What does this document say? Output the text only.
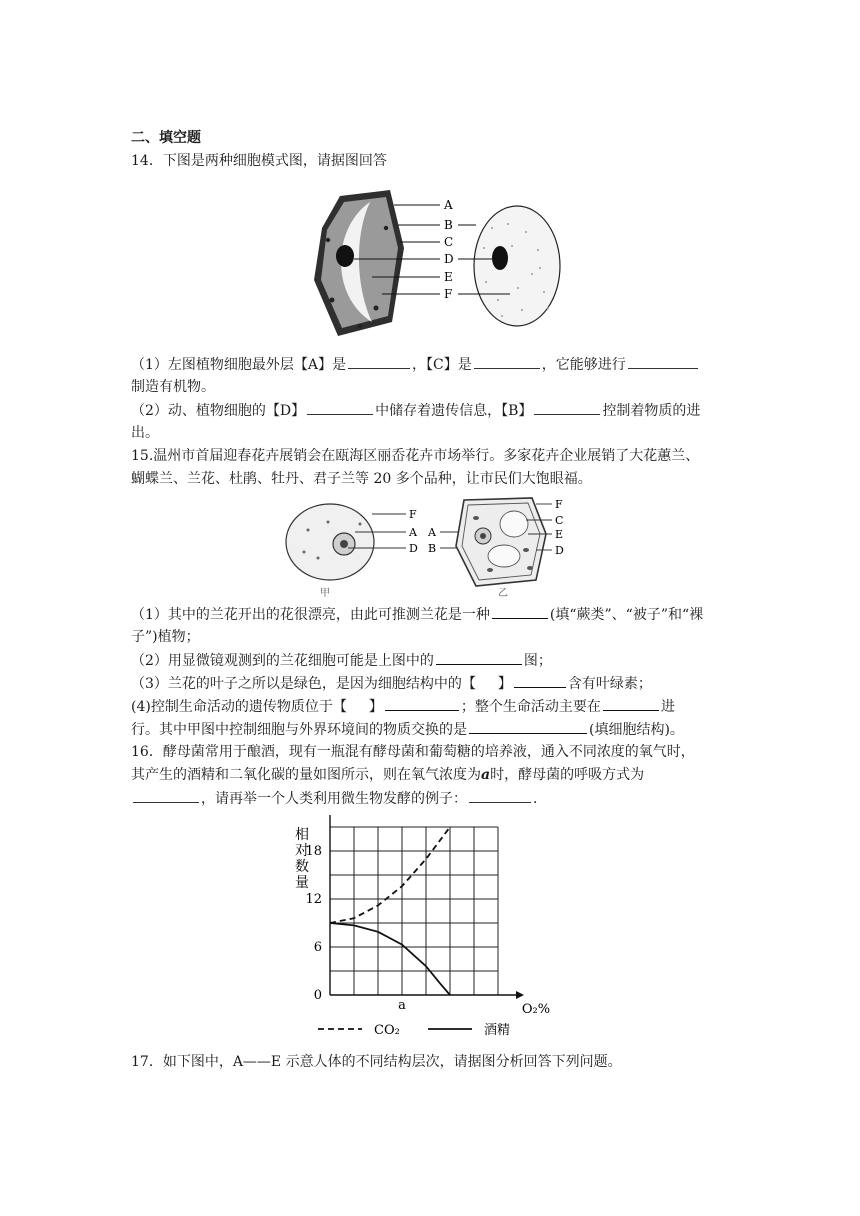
二、填空题
14．下图是两种细胞模式图，请据图回答
A
B
C
D
E
F
（1）左图植物细胞最外层【A】是	，【C】是	，它能够进行
制造有机物。
（2）动、植物细胞的【D】	中储存着遗传信息，【B】	控制着物质的进
出。
15.温州市首届迎春花卉展销会在瓯海区丽岙花卉市场举行。多家花卉企业展销了大花蕙兰、
蝴蝶兰、兰花、杜鹃、牡丹、君子兰等 20 多个品种，让市民们大饱眼福。
F
A
D
甲
A
B
F
C
E
D
乙
（1）其中的兰花开出的花很漂亮，由此可推测兰花是一种	(填“蕨类”、“被子”和“裸
子”)植物；
（2）用显微镜观测到的兰花细胞可能是上图中的	图；
（3）兰花的叶子之所以是绿色，是因为细胞结构中的【 】	含有叶绿素；
(4)控制生命活动的遗传物质位于【 】	；整个生命活动主要在	进
行。其中甲图中控制细胞与外界环境间的物质交换的是	(填细胞结构)。
16．酵母菌常用于酿酒，现有一瓶混有酵母菌和葡萄糖的培养液，通入不同浓度的氧气时，
其产生的酒精和二氧化碳的量如图所示，则在氧气浓度为a时，酵母菌的呼吸方式为
，请再举一个人类利用微生物发酵的例子：	.
0
6
12
18
相
对
数
量
a	O₂%
CO₂	酒精
17．如下图中，A——E 示意人体的不同结构层次，请据图分析回答下列问题。
